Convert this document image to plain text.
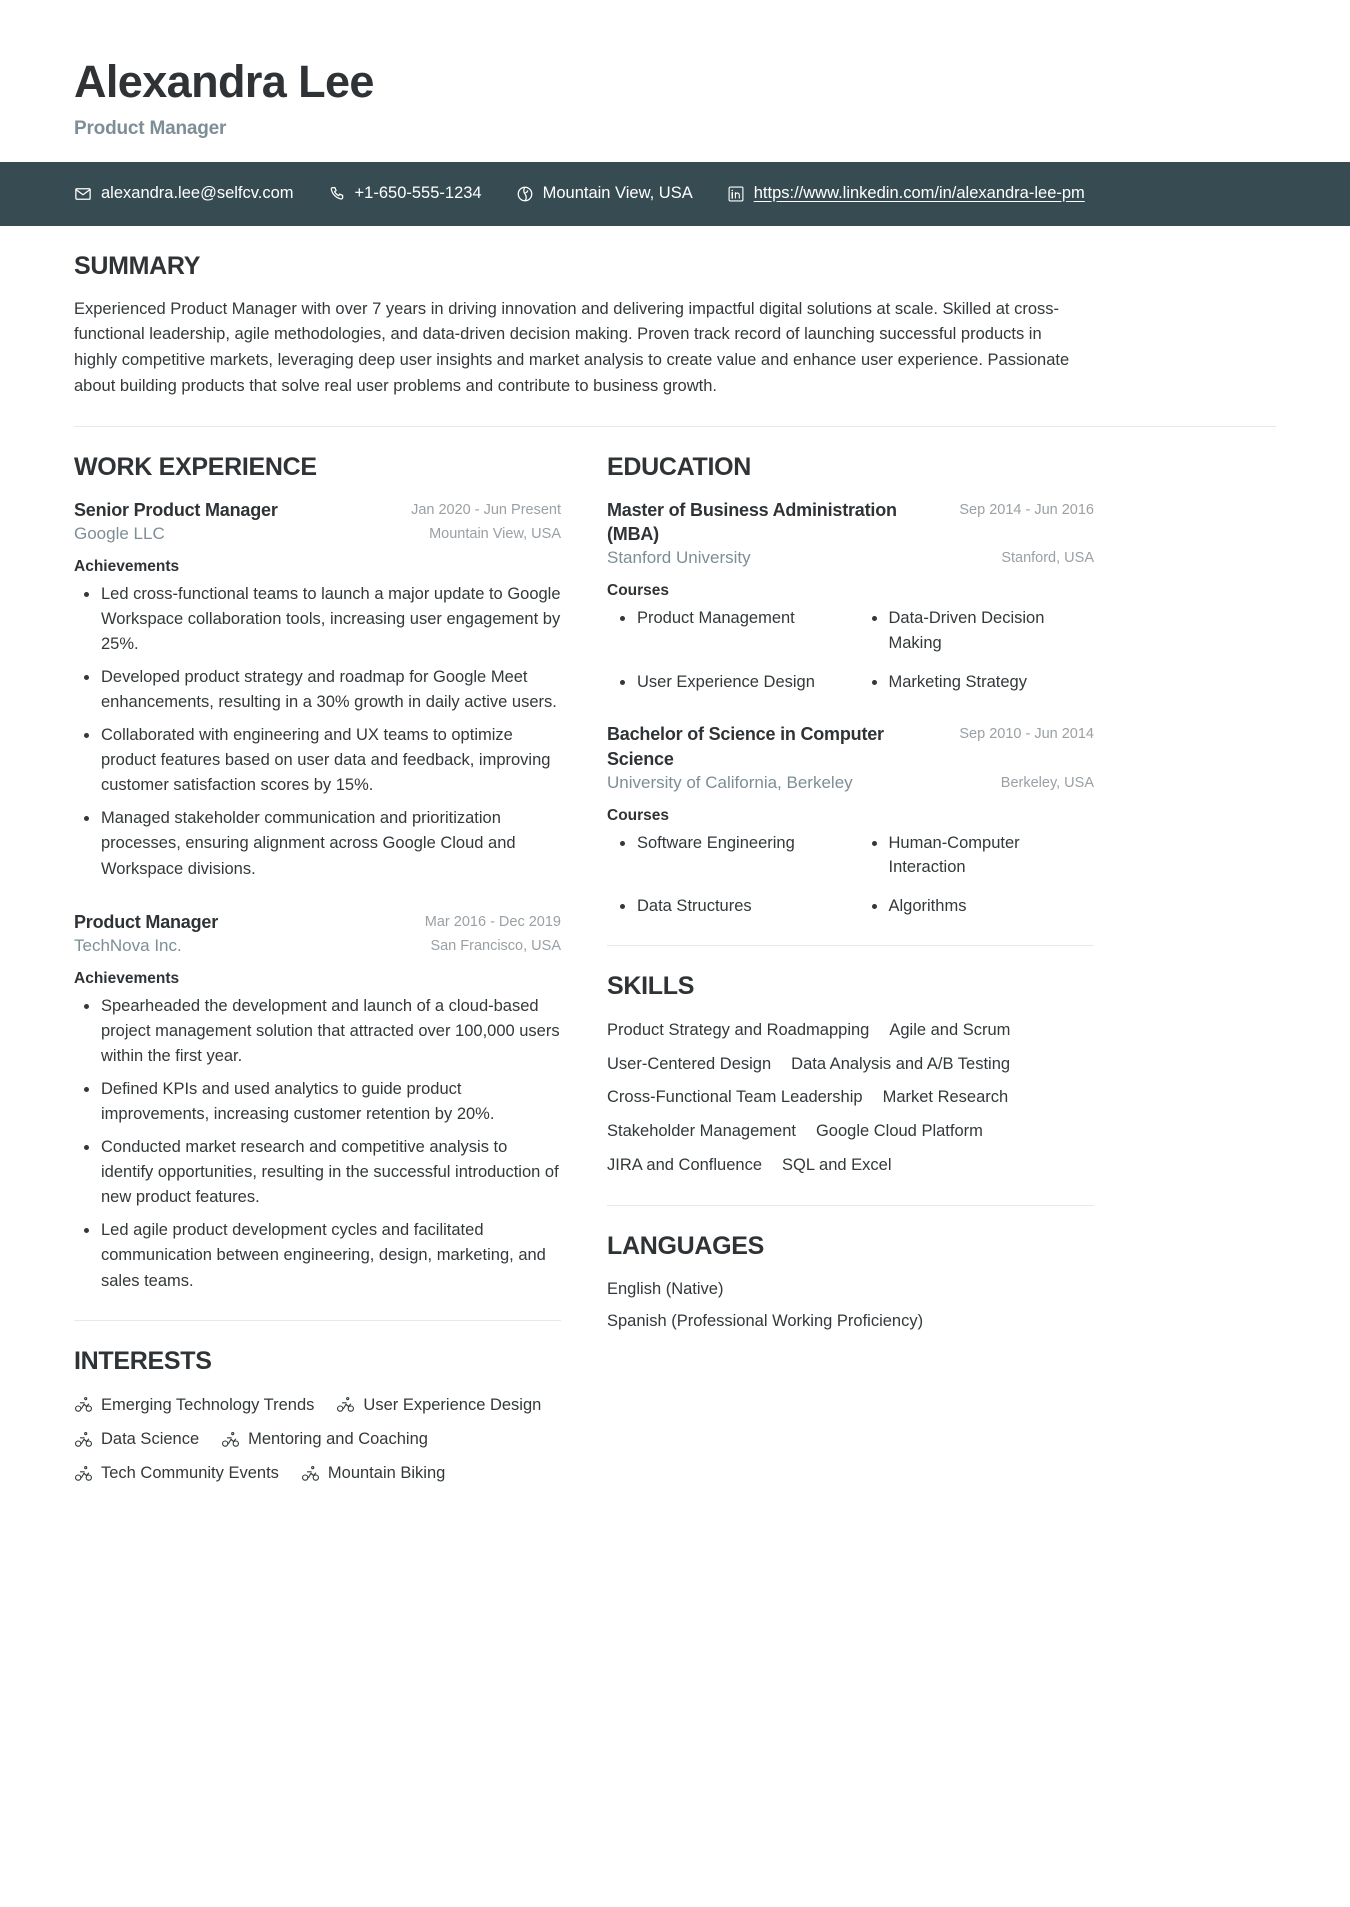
Alexandra Lee
Product Manager
alexandra.lee@selfcv.com	+1-650-555-1234	Mountain View, USA	https://www.linkedin.com/in/alexandra-lee-pm
SUMMARY
Experienced Product Manager with over 7 years in driving innovation and delivering impactful digital solutions at scale. Skilled at cross-functional leadership, agile methodologies, and data-driven decision making. Proven track record of launching successful products in highly competitive markets, leveraging deep user insights and market analysis to create value and enhance user experience. Passionate about building products that solve real user problems and contribute to business growth.
WORK EXPERIENCE
Senior Product Manager	Jan 2020 - Jun Present
Google LLC	Mountain View, USA
Achievements
Led cross-functional teams to launch a major update to Google Workspace collaboration tools, increasing user engagement by 25%.
Developed product strategy and roadmap for Google Meet enhancements, resulting in a 30% growth in daily active users.
Collaborated with engineering and UX teams to optimize product features based on user data and feedback, improving customer satisfaction scores by 15%.
Managed stakeholder communication and prioritization processes, ensuring alignment across Google Cloud and Workspace divisions.
Product Manager	Mar 2016 - Dec 2019
TechNova Inc.	San Francisco, USA
Achievements
Spearheaded the development and launch of a cloud-based project management solution that attracted over 100,000 users within the first year.
Defined KPIs and used analytics to guide product improvements, increasing customer retention by 20%.
Conducted market research and competitive analysis to identify opportunities, resulting in the successful introduction of new product features.
Led agile product development cycles and facilitated communication between engineering, design, marketing, and sales teams.
INTERESTS
Emerging Technology Trends	User Experience Design
Data Science	Mentoring and Coaching
Tech Community Events	Mountain Biking
EDUCATION
Master of Business Administration (MBA)
Sep 2014 - Jun 2016
Stanford University	Stanford, USA
Courses
Product Management	Data-Driven Decision Making
User Experience Design	Marketing Strategy
Bachelor of Science in Computer Science
Sep 2010 - Jun 2014
University of California, Berkeley	Berkeley, USA
Courses
Software Engineering	Human-Computer Interaction
Data Structures	Algorithms
SKILLS
Product Strategy and Roadmapping Agile and Scrum
User-Centered Design Data Analysis and A/B Testing
Cross-Functional Team Leadership Market Research
Stakeholder Management Google Cloud Platform
JIRA and Confluence SQL and Excel
LANGUAGES
English (Native)
Spanish (Professional Working Proficiency)
